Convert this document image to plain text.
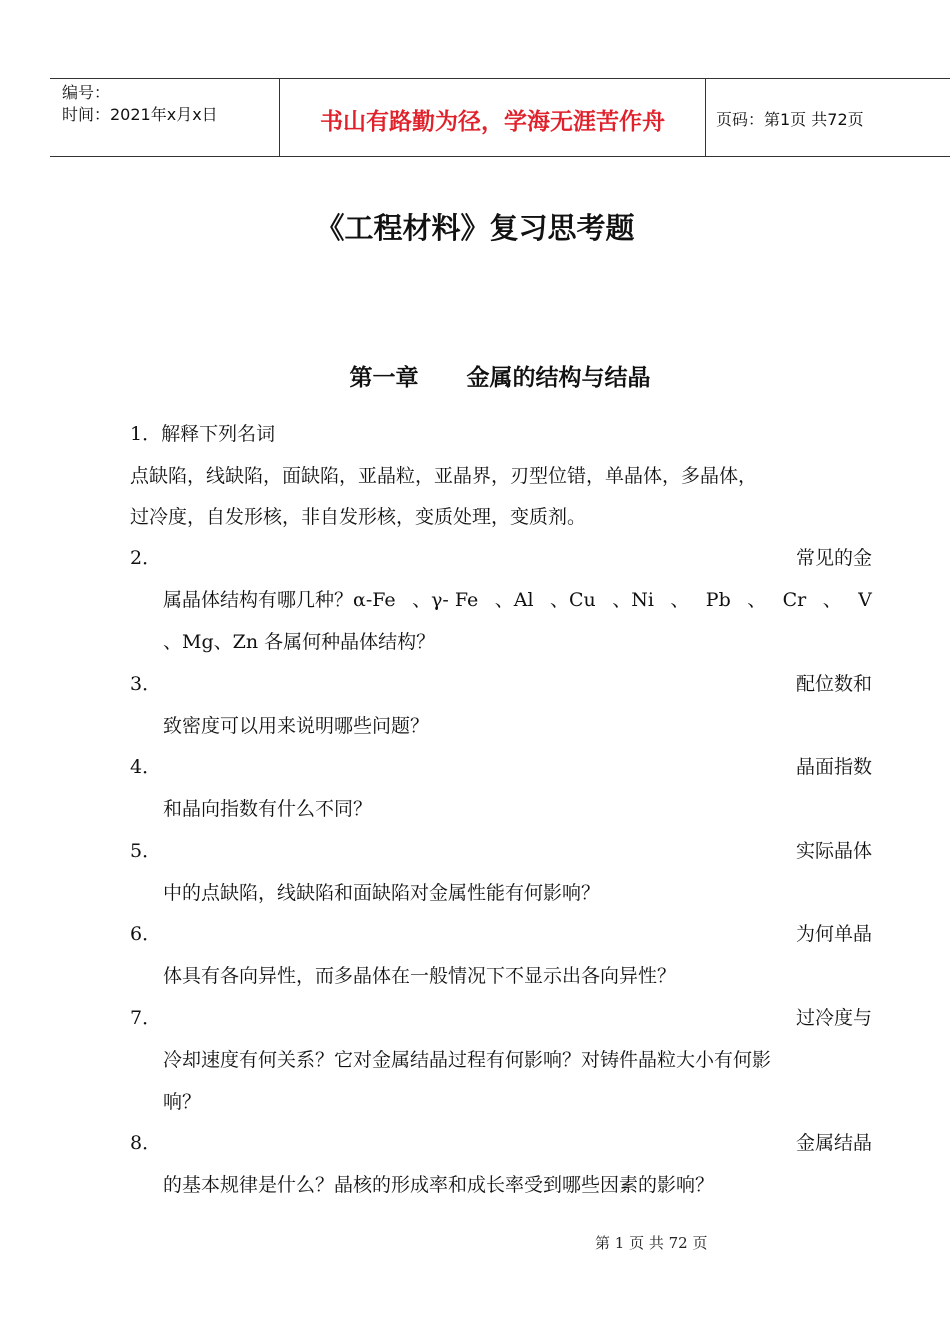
编号：
时间：2021年x月x日	书山有路勤为径，学海无涯苦作舟	页码：第1页 共72页
《工程材料》复习思考题
第一章      金属的结构与结晶
1．解释下列名词
点缺陷，线缺陷，面缺陷，亚晶粒，亚晶界，刃型位错，单晶体，多晶体，
过冷度，自发形核，非自发形核，变质处理，变质剂。
2．	常见的金
属晶体结构有哪几种？α-Fe 、γ- Fe 、Al 、Cu 、Ni 、 Pb 、 Cr 、 V
、Mg、Zn 各属何种晶体结构？
3．	配位数和
致密度可以用来说明哪些问题？
4．	晶面指数
和晶向指数有什么不同？
5．	实际晶体
中的点缺陷，线缺陷和面缺陷对金属性能有何影响？
6．	为何单晶
体具有各向异性，而多晶体在一般情况下不显示出各向异性？
7．	过冷度与
冷却速度有何关系？它对金属结晶过程有何影响？对铸件晶粒大小有何影
响？
8．	金属结晶
的基本规律是什么？晶核的形成率和成长率受到哪些因素的影响？
第 1 页 共 72 页
